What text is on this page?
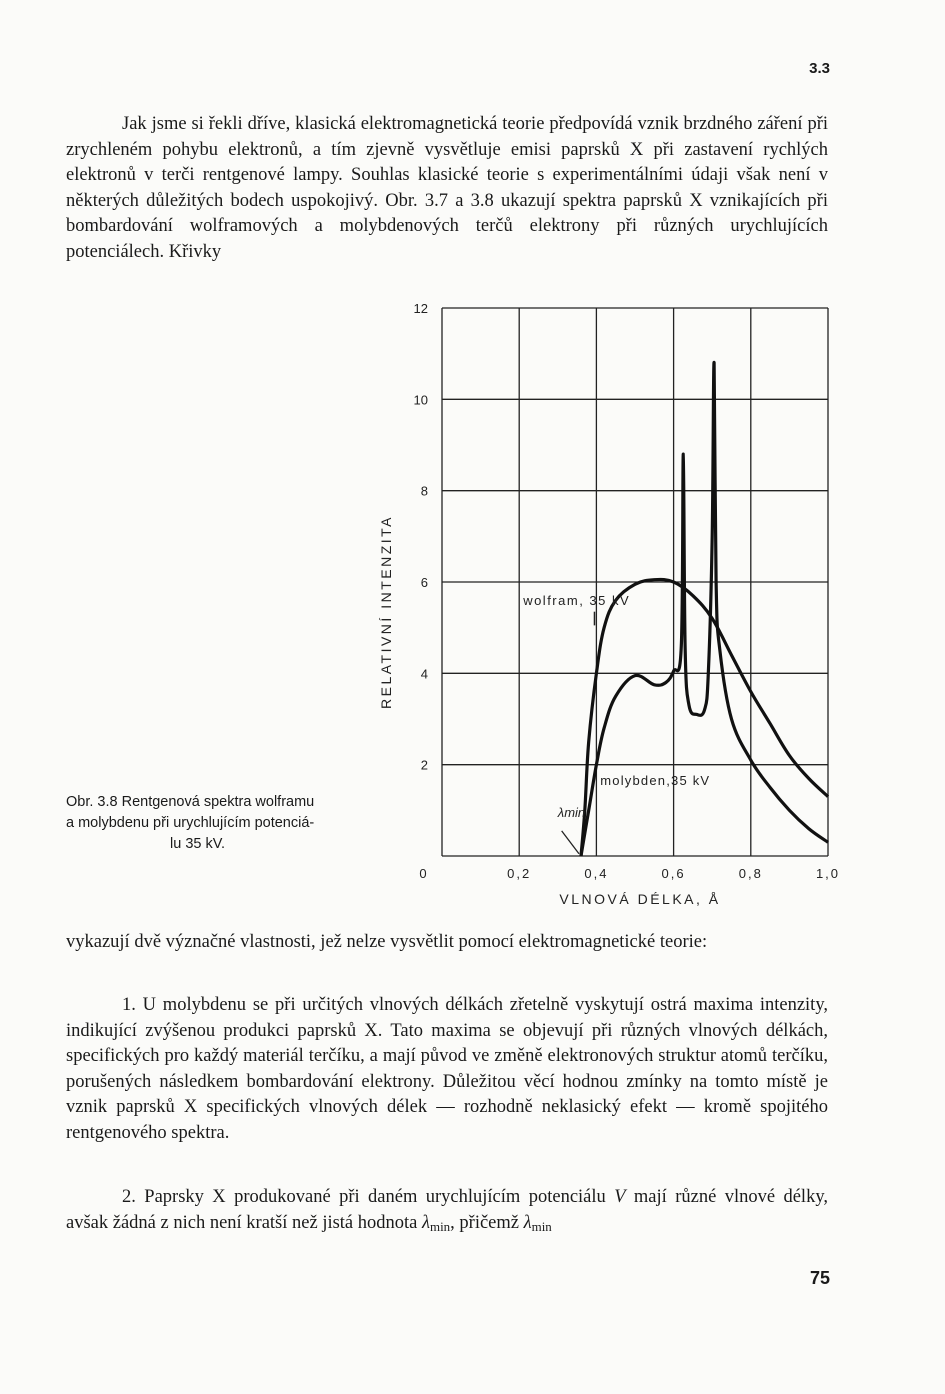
3.3

Jak jsme si řekli dříve, klasická elektromagnetická teorie předpovídá vznik brzdného záření při zrychleném pohybu elektronů, a tím zjevně vysvětluje emisi paprsků X při zastavení rychlých elektronů v terči rentgenové lampy. Souhlas klasické teorie s experimentálními údaji však není v některých důležitých bodech uspokojivý. Obr. 3.7 a 3.8 ukazují spektra paprsků X vznikajících při bombardování wolframových a molybdenových terčů elektrony při různých urychlujících potenciálech. Křivky

Obr. 3.8 Rentgenová spektra wolframu
a molybdenu při urychlujícím potenciá-
lu 35 kV.
2
4
6
8
10
12
0	0,2	0,4	0,6	0,8	1,0
VLNOVÁ DÉLKA, Å
RELATIVNÍ INTENZITA	wolfram, 35 kV
molybden,35 kV
λmin

vykazují dvě význačné vlastnosti, jež nelze vysvětlit pomocí elektromagnetické teorie:

1. U molybdenu se při určitých vlnových délkách zřetelně vyskytují ostrá maxima intenzity, indikující zvýšenou produkci paprsků X. Tato maxima se objevují při různých vlnových délkách, specifických pro každý materiál terčíku, a mají původ ve změně elektronových struktur atomů terčíku, porušených následkem bombardování elektrony. Důležitou věcí hodnou zmínky na tomto místě je vznik paprsků X specifických vlnových délek — rozhodně neklasický efekt — kromě spojitého rentgenového spektra.

2. Paprsky X produkované při daném urychlujícím potenciálu V mají různé vlnové délky, avšak žádná z nich není kratší než jistá hodnota $\lambda_{min}$, přičemž $\lambda_{min}$

75
